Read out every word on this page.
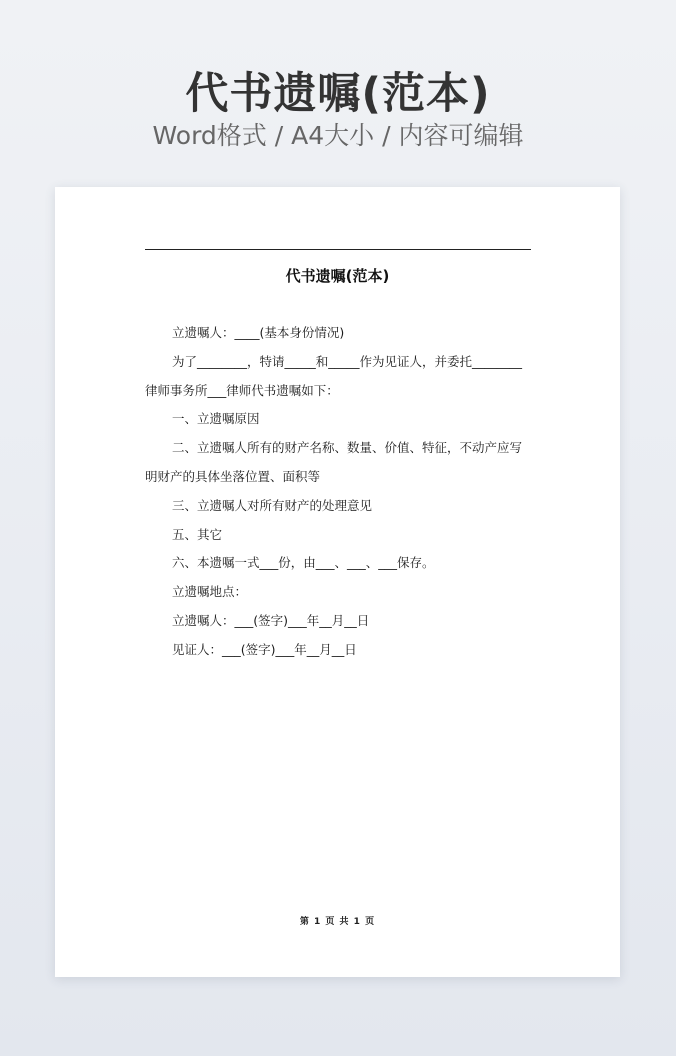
代书遗嘱(范本)
Word格式 / A4大小 / 内容可编辑
代书遗嘱(范本)

立遗嘱人：____(基本身份情况)

为了________，特请_____和_____作为见证人，并委托________律师事务所___律师代书遗嘱如下：

一、立遗嘱原因

二、立遗嘱人所有的财产名称、数量、价值、特征，不动产应写明财产的具体坐落位置、面积等

三、立遗嘱人对所有财产的处理意见

五、其它

六、本遗嘱一式___份，由___、___、___保存。

立遗嘱地点：

立遗嘱人：___(签字)___年__月__日

见证人：___(签字)___年__月__日

第 1 页 共 1 页
